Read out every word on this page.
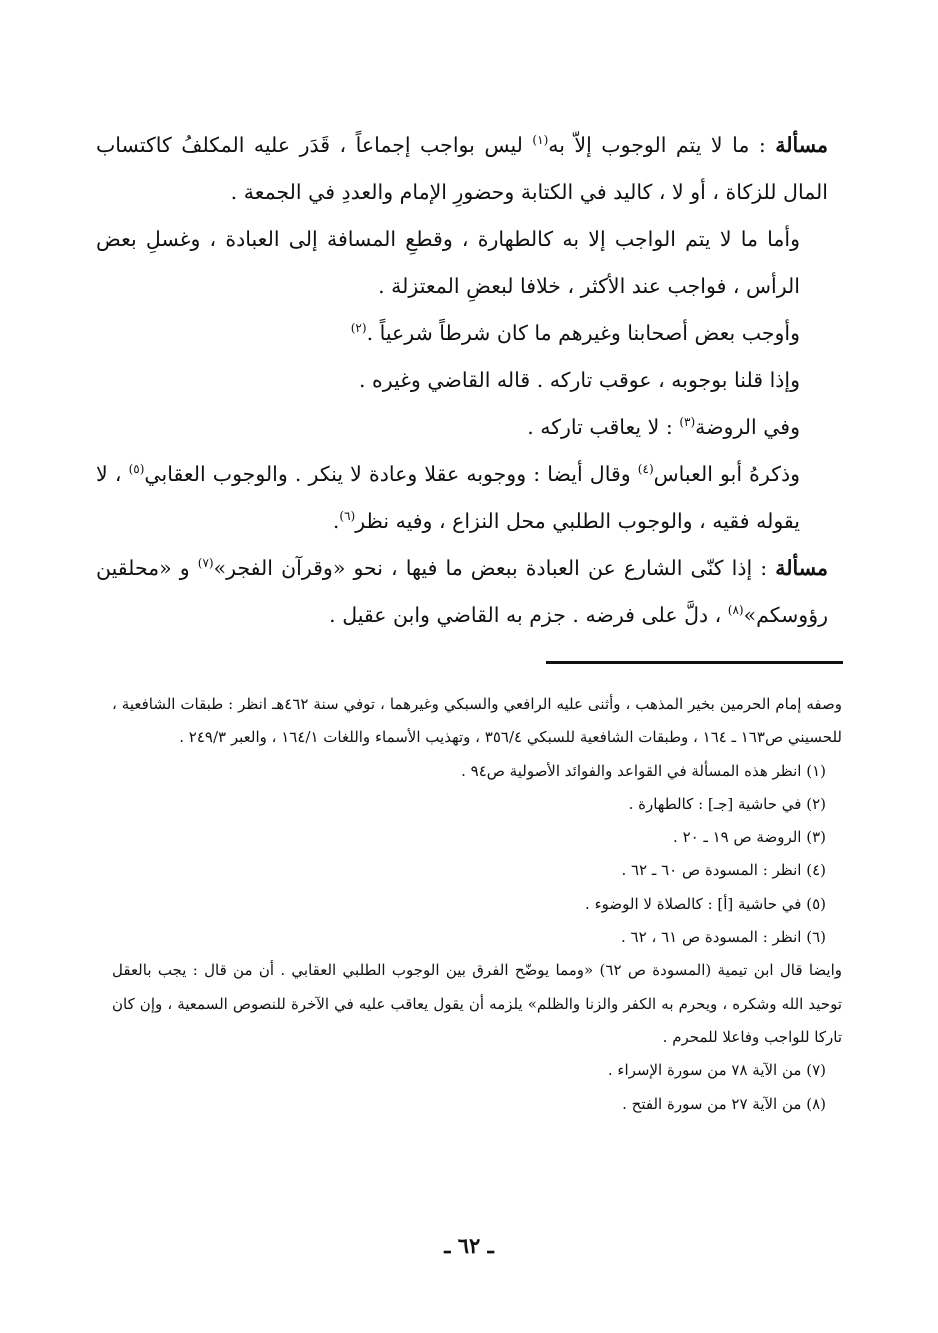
مسألة : ما لا يتم الوجوب إلاّ به$^{(١)}$ ليس بواجب إجماعاً ، قَدَر عليه المكلفُ كاكتساب المال للزكاة ، أو لا ، كاليد في الكتابة وحضورِ الإمام والعددِ في الجمعة .

وأما ما لا يتم الواجب إلا به كالطهارة ، وقطعِ المسافة إلى العبادة ، وغسلِ بعض الرأس ، فواجب عند الأكثر ، خلافا لبعضِ المعتزلة .

وأوجب بعض أصحابنا وغيرهم ما كان شرطاً شرعياً .$^{(٢)}$

وإذا قلنا بوجوبه ، عوقب تاركه . قاله القاضي وغيره .

وفي الروضة$^{(٣)}$ : لا يعاقب تاركه .

وذكرهُ أبو العباس$^{(٤)}$ وقال أيضا : ووجوبه عقلا وعادة لا ينكر . والوجوب العقابي$^{(٥)}$ ، لا يقوله فقيه ، والوجوب الطلبي محل النزاع ، وفيه نظر$^{(٦)}$.

مسألة : إذا كنّى الشارع عن العبادة ببعض ما فيها ، نحو «وقرآن الفجر»$^{(٧)}$ و «محلقين رؤوسكم»$^{(٨)}$ ، دلَّ على فرضه . جزم به القاضي وابن عقيل .

وصفه إمام الحرمين بخير المذهب ، وأثنى عليه الرافعي والسبكي وغيرهما ، توفي سنة ٤٦٢هـ انظر : طبقات الشافعية ، للحسيني ص١٦٣ ـ ١٦٤ ، وطبقات الشافعية للسبكي ٣٥٦/٤ ، وتهذيب الأسماء واللغات ١٦٤/١ ، والعبر ٢٤٩/٣ .

(١) انظر هذه المسألة في القواعد والفوائد الأصولية ص٩٤ .

(٢) في حاشية [جـ] : كالطهارة .

(٣) الروضة ص ١٩ ـ ٢٠ .

(٤) انظر : المسودة ص ٦٠ ـ ٦٢ .

(٥) في حاشية [أ] : كالصلاة لا الوضوء .

(٦) انظر : المسودة ص ٦١ ، ٦٢ .

وايضا قال ابن تيمية (المسودة ص ٦٢) «ومما يوضّح الفرق بين الوجوب الطلبي العقابي . أن من قال : يجب بالعقل توحيد الله وشكره ، ويحرم به الكفر والزنا والظلم» يلزمه أن يقول يعاقب عليه في الآخرة للنصوص السمعية ، وإن كان تاركا للواجب وفاعلا للمحرم .

(٧) من الآية ٧٨ من سورة الإسراء .

(٨) من الآية ٢٧ من سورة الفتح .

ـ ٦٢ ـ
